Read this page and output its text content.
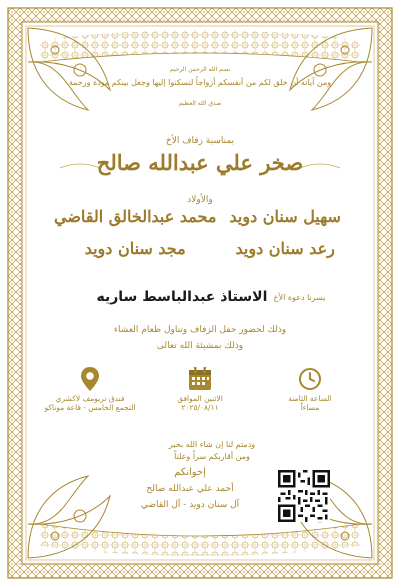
بسم الله الرحمن الرحيم
ومن آياته أن خلق لكم من أنفسكم أزواجاً لتسكنوا إليها وجعل بينكم مودة ورحمة
صدق الله العظيم
بمناسبة زفاف الأخ
صخر علي عبدالله صالح
والأولاد
سهيل سنان دويد
محمد عبدالخالق القاضي
رعد سنان دويد
مجد سنان دويد
يسرنا دعوة الأخ
الاستاذ عبدالباسط ساريه
وذلك لحضور حفل الزفاف وتناول طعام العشاء
وذلك بمشيئة الله تعالى
فندق تريومف لاكشري
التجمع الخامس - قاعة موناكو
الاثنين الموافق
٢٠٢٥/٠٨/١١
الساعة الثامنة
مساءاً
ودمتم لنا إن شاء الله بخير
ومن أقاربكم سراً وعلناً
إخوانكم
أحمد علي عبدالله صالح
آل سنان دويد - آل القاضي
